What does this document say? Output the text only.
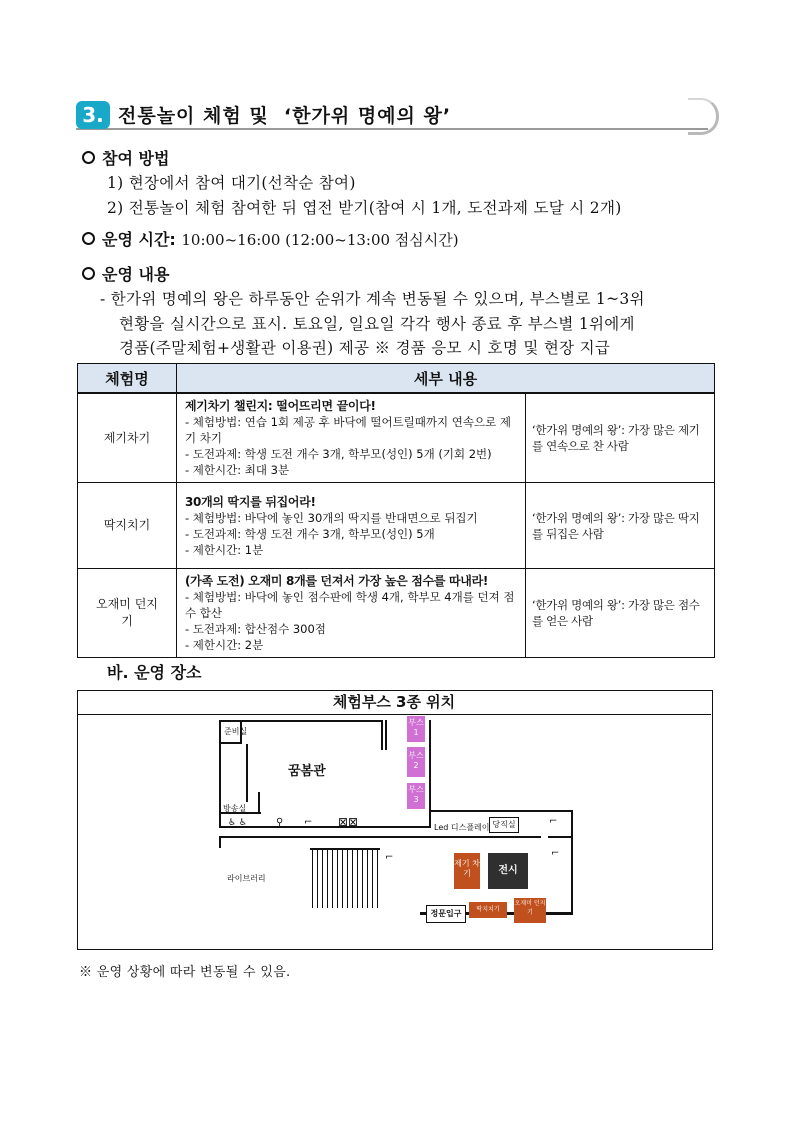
3. 전통놀이 체험 및  ‘한가위 명예의 왕’
참여 방법
1) 현장에서 참여 대기(선착순 참여)
2) 전통놀이 체험 참여한 뒤 엽전 받기(참여 시 1개, 도전과제 도달 시 2개)
운영 시간: 10:00~16:00 (12:00~13:00 점심시간)
운영 내용
- 한가위 명예의 왕은 하루동안 순위가 계속 변동될 수 있으며, 부스별로 1~3위
현황을 실시간으로 표시. 토요일, 일요일 각각 행사 종료 후 부스별 1위에게
경품(주말체험+생활관 이용권) 제공 ※ 경품 응모 시 호명 및 현장 지급
체험명	세부 내용	
제기차기	제기차기 챌린지: 떨어뜨리면 끝이다!
- 체험방법: 연습 1회 제공 후 바닥에 떨어트릴때까지 연속으로 제기 차기
- 도전과제: 학생 도전 개수 3개, 학부모(성인) 5개 (기회 2번)
- 제한시간: 최대 3분	‘한가위 명예의 왕’: 가장 많은 제기를 연속으로 찬 사람
딱지치기	30개의 딱지를 뒤집어라!
- 체험방법: 바닥에 놓인 30개의 딱지를 반대면으로 뒤집기
- 도전과제: 학생 도전 개수 3개, 학부모(성인) 5개
- 제한시간: 1분	‘한가위 명예의 왕’: 가장 많은 딱지를 뒤집은 사람
오재미 던지기	(가족 도전) 오재미 8개를 던져서 가장 높은 점수를 따내라!
- 체험방법: 바닥에 놓인 점수판에 학생 4개, 학부모 4개를 던져 점수 합산
- 도전과제: 합산점수 300점
- 제한시간: 2분	‘한가위 명예의 왕’: 가장 많은 점수를 얻은 사람
바. 운영 장소
체험부스 3종 위치
준비실
꿈봄관
방송실
라이브러리
Led 디스플레이 당직실
♿ ♿	⚲ ⌐ ⊠⊠	⌐
⌐	⌐
부스 1
부스 2
부스 3
제기 차기	전시
딱지치기
오재미 던지기
정문입구
※ 운영 상황에 따라 변동될 수 있음.
